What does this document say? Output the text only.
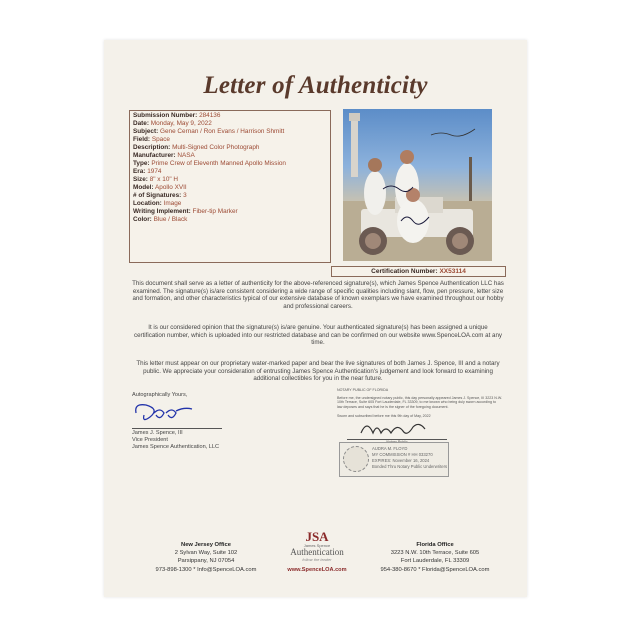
Letter of Authenticity
Submission Number: 284136
Date: Monday, May 9, 2022
Subject: Gene Cernan / Ron Evans / Harrison Shmitt
Field: Space
Description: Multi-Signed Color Photograph
Manufacturer: NASA
Type: Prime Crew of Eleventh Manned Apollo Mission
Era: 1974
Size: 8" x 10" H
Model: Apollo XVII
# of Signatures: 3
Location: Image
Writing Implement: Fiber-tip Marker
Color: Blue / Black
Certification Number: XX53114
This document shall serve as a letter of authenticity for the above-referenced signature(s), which James Spence Authentication LLC has examined. The signature(s) is/are consistent considering a wide range of specific qualities including slant, flow, pen pressure, letter size and formation, and other characteristics typical of our extensive database of known exemplars we have examined throughout our hobby and professional careers.
It is our considered opinion that the signature(s) is/are genuine. Your authenticated signature(s) has been assigned a unique certification number, which is uploaded into our restricted database and can be confirmed on our website www.SpenceLOA.com at any time.
This letter must appear on our proprietary water-marked paper and bear the live signatures of both James J. Spence, III and a notary public. We appreciate your consideration of entrusting James Spence Authentication's judgement and look forward to examining additional collectibles for you in the near future.
Autographically Yours,
James J. Spence, III
Vice President
James Spence Authentication, LLC
NOTARY PUBLIC OF FLORIDA
Before me, the undersigned notary public, this day personally appeared James J. Spence, III 3223 N.W. 10th Terrace, Suite 605 Fort Lauderdale, FL 33309, to me known who being duly sworn according to law deposes and says that he is the signer of the foregoing document.
Sworn and subscribed before me this 9th day of May, 2022
AUDRA M. FLOYD
MY COMMISSION # HH 033270
EXPIRES: November 16, 2024
Bonded Thru Notary Public Underwriters
New Jersey Office
2 Sylvan Way, Suite 102
Parsippany, NJ 07054
973-898-1300 * Info@SpenceLOA.com
JSA
James Spence
Authentication
follow the leader
www.SpenceLOA.com
Florida Office
3223 N.W. 10th Terrace, Suite 605
Fort Lauderdale, FL 33309
954-380-8670 * Florida@SpenceLOA.com
